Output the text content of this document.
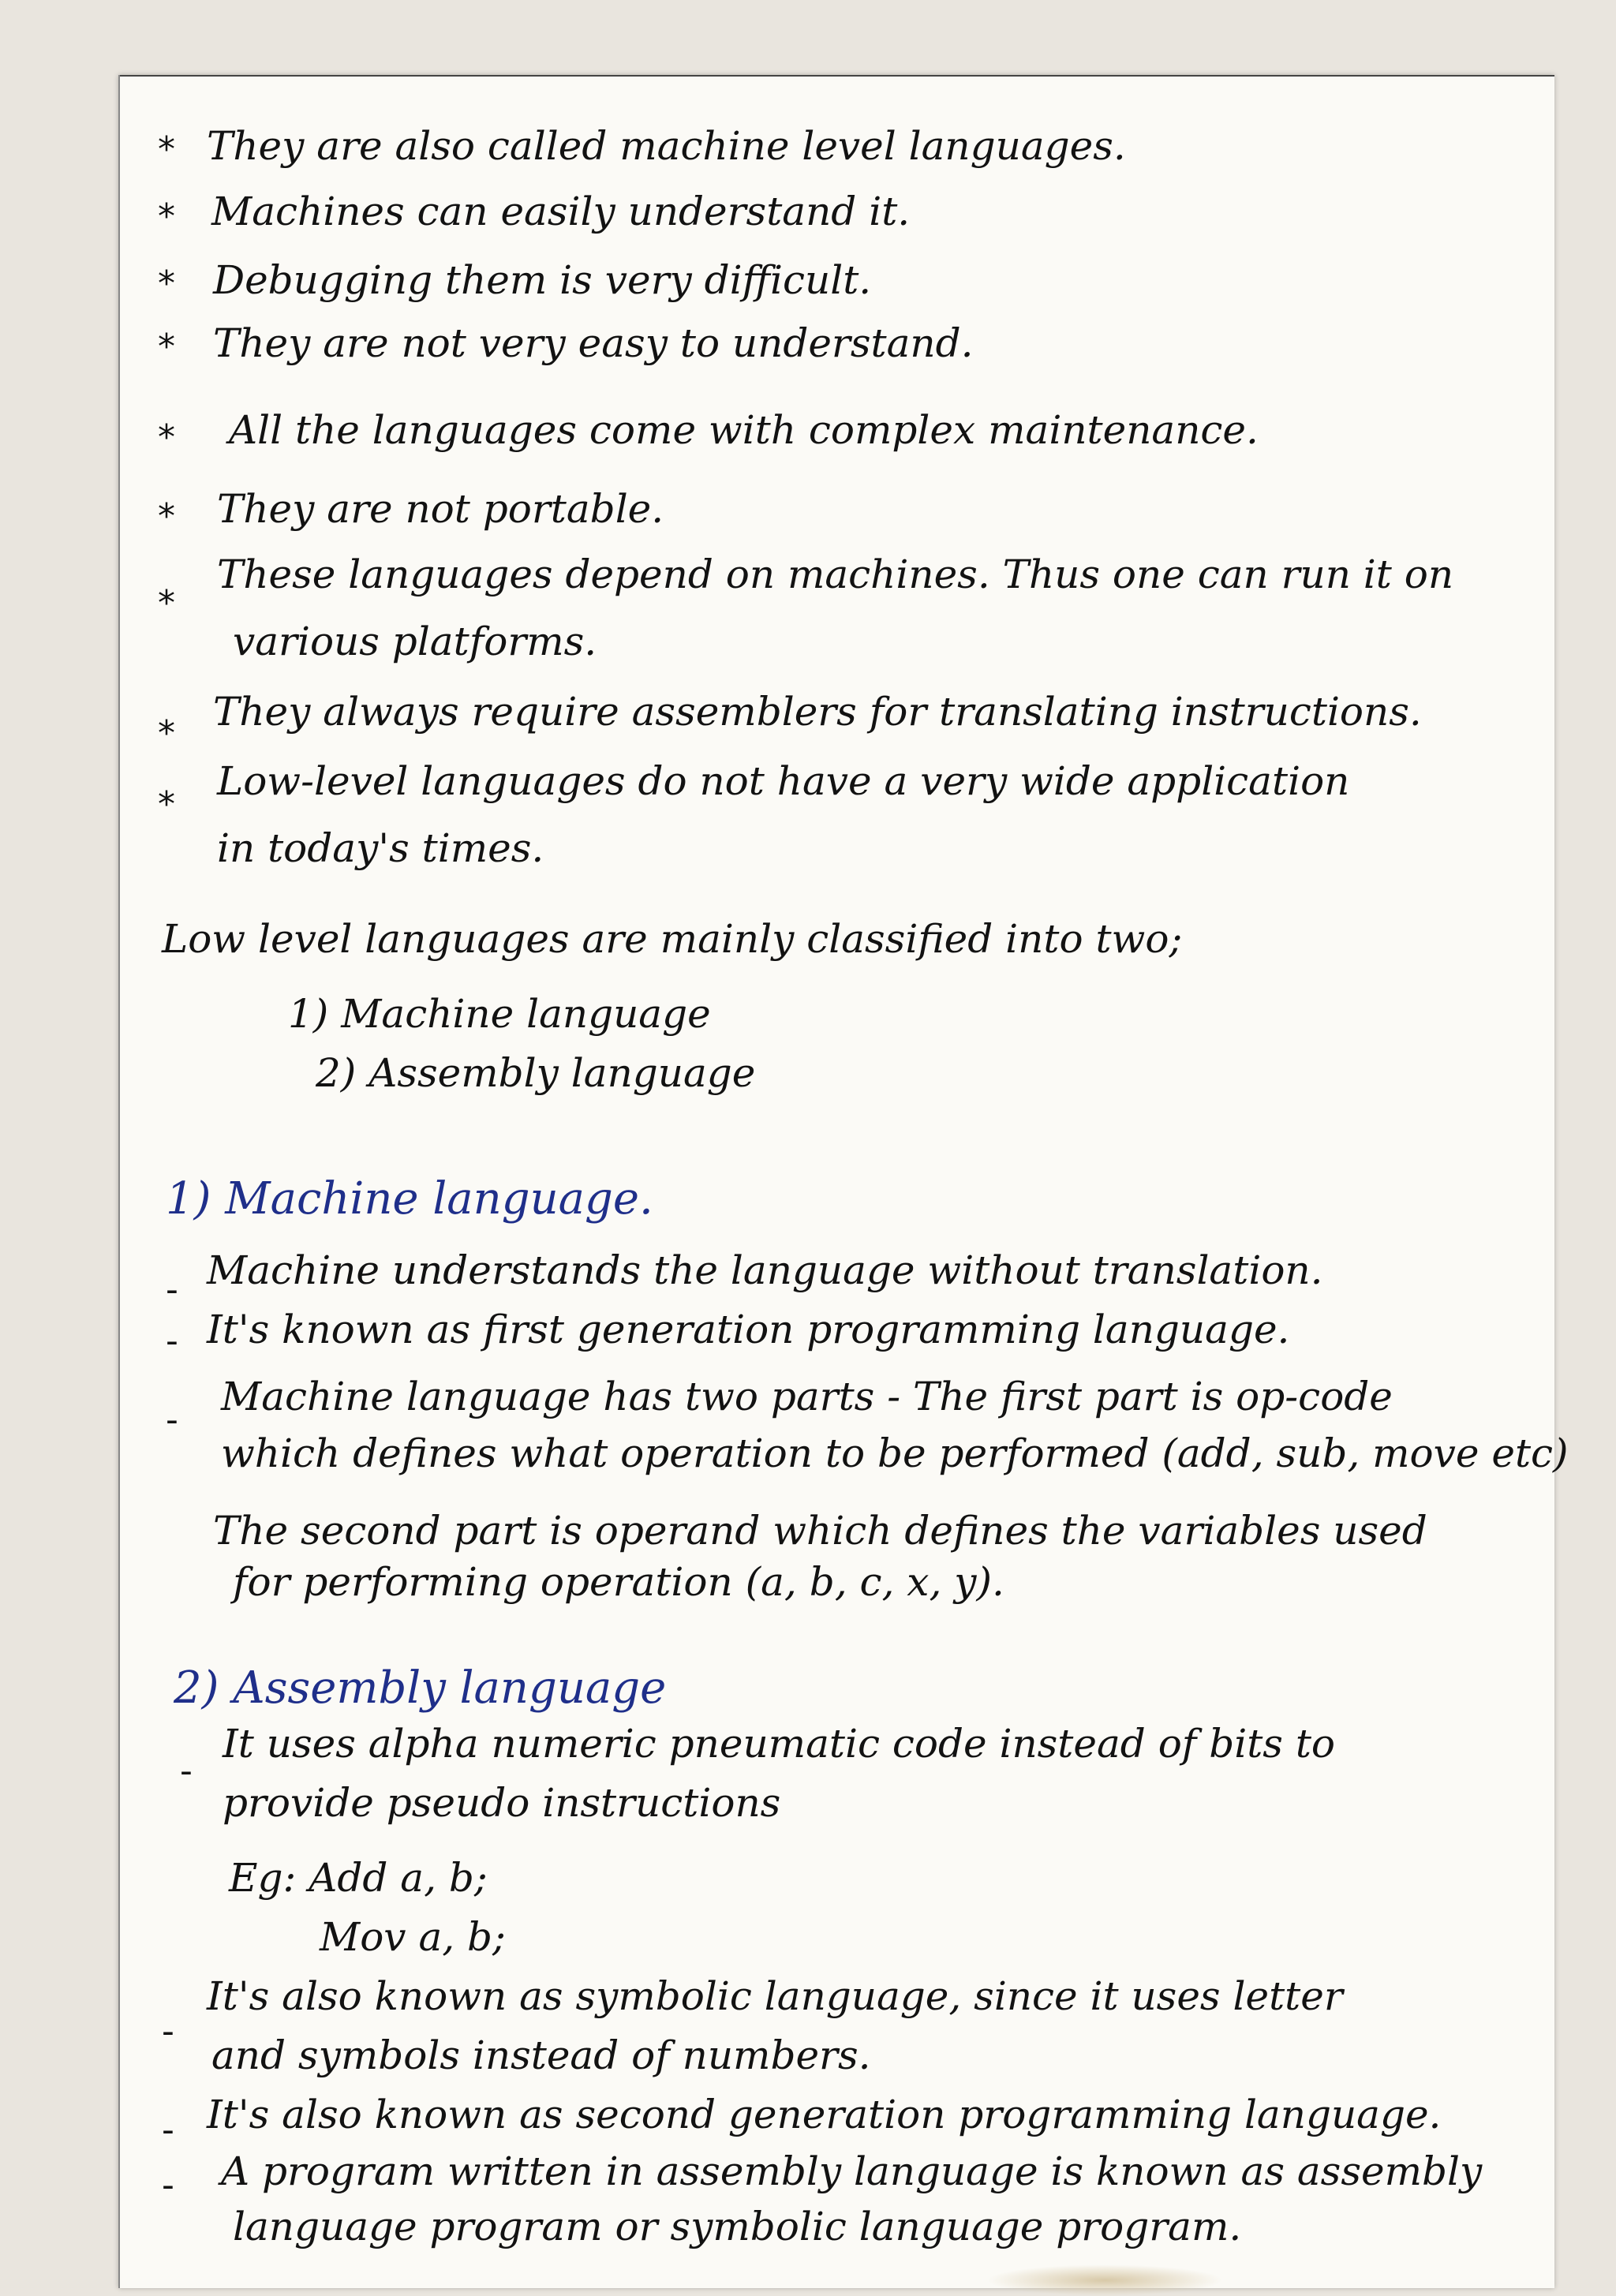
* They are also called machine level languages.
* Machines can easily understand it.
* Debugging them is very difficult.
* They are not very easy to understand.
* All the languages come with complex maintenance.
* They are not portable.
*
These languages depend on machines. Thus one can run it on
various platforms.
* They always require assemblers for translating instructions.
*
Low-level languages do not have a very wide application
in today's times.
Low level languages are mainly classified into two;
1) Machine language
2) Assembly language
1) Machine language.
- Machine understands the language without translation.
- It's known as first generation programming language.
-
Machine language has two parts - The first part is op-code
which defines what operation to be performed (add, sub, move etc)
The second part is operand which defines the variables used
for performing operation (a, b, c, x, y).
2) Assembly language
-
It uses alpha numeric pneumatic code instead of bits to
provide pseudo instructions
Eg: Add a, b;
Mov a, b;
-
It's also known as symbolic language, since it uses letter
and symbols instead of numbers.
- It's also known as second generation programming language.
- A program written in assembly language is known as assembly
language program or symbolic language program.
